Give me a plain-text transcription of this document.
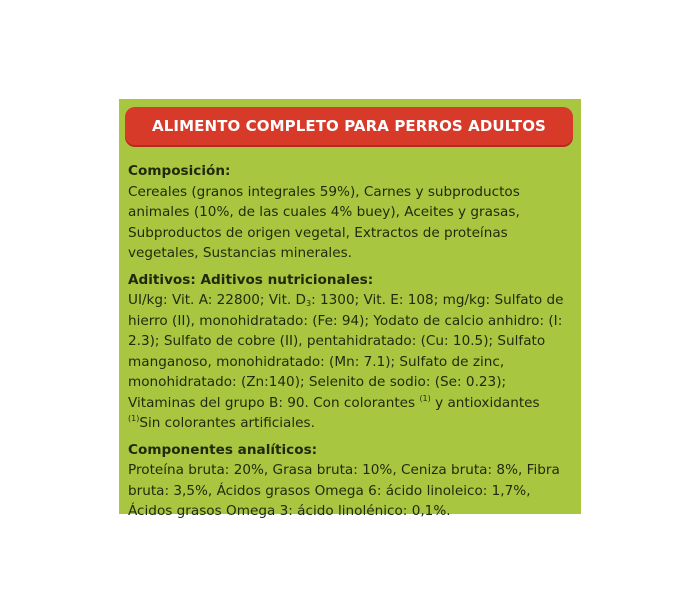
ALIMENTO COMPLETO PARA PERROS ADULTOS
Composición:
Cereales (granos integrales 59%), Carnes y subproductos animales (10%, de las cuales 4% buey), Aceites y grasas, Subproductos de origen vegetal, Extractos de proteínas vegetales, Sustancias minerales.
Aditivos: Aditivos nutricionales:
UI/kg: Vit. A: 22800; Vit. $D_3$: 1300; Vit. E: 108; mg/kg: Sulfato de hierro (II), monohidratado: (Fe: 94); Yodato de calcio anhidro: (I: 2.3); Sulfato de cobre (II), pentahidratado: (Cu: 10.5); Sulfato manganoso, monohidratado: (Mn: 7.1); Sulfato de zinc, monohidratado: (Zn:140); Selenito de sodio: (Se: 0.23); Vitaminas del grupo B: 90. Con colorantes $^{(1)}$ y antioxidantes
$^{(1)}$Sin colorantes artificiales.
Componentes analíticos:
Proteína bruta: 20%, Grasa bruta: 10%, Ceniza bruta: 8%, Fibra bruta: 3,5%, Ácidos grasos Omega 6: ácido linoleico: 1,7%, Ácidos grasos Omega 3: ácido linolénico: 0,1%.
